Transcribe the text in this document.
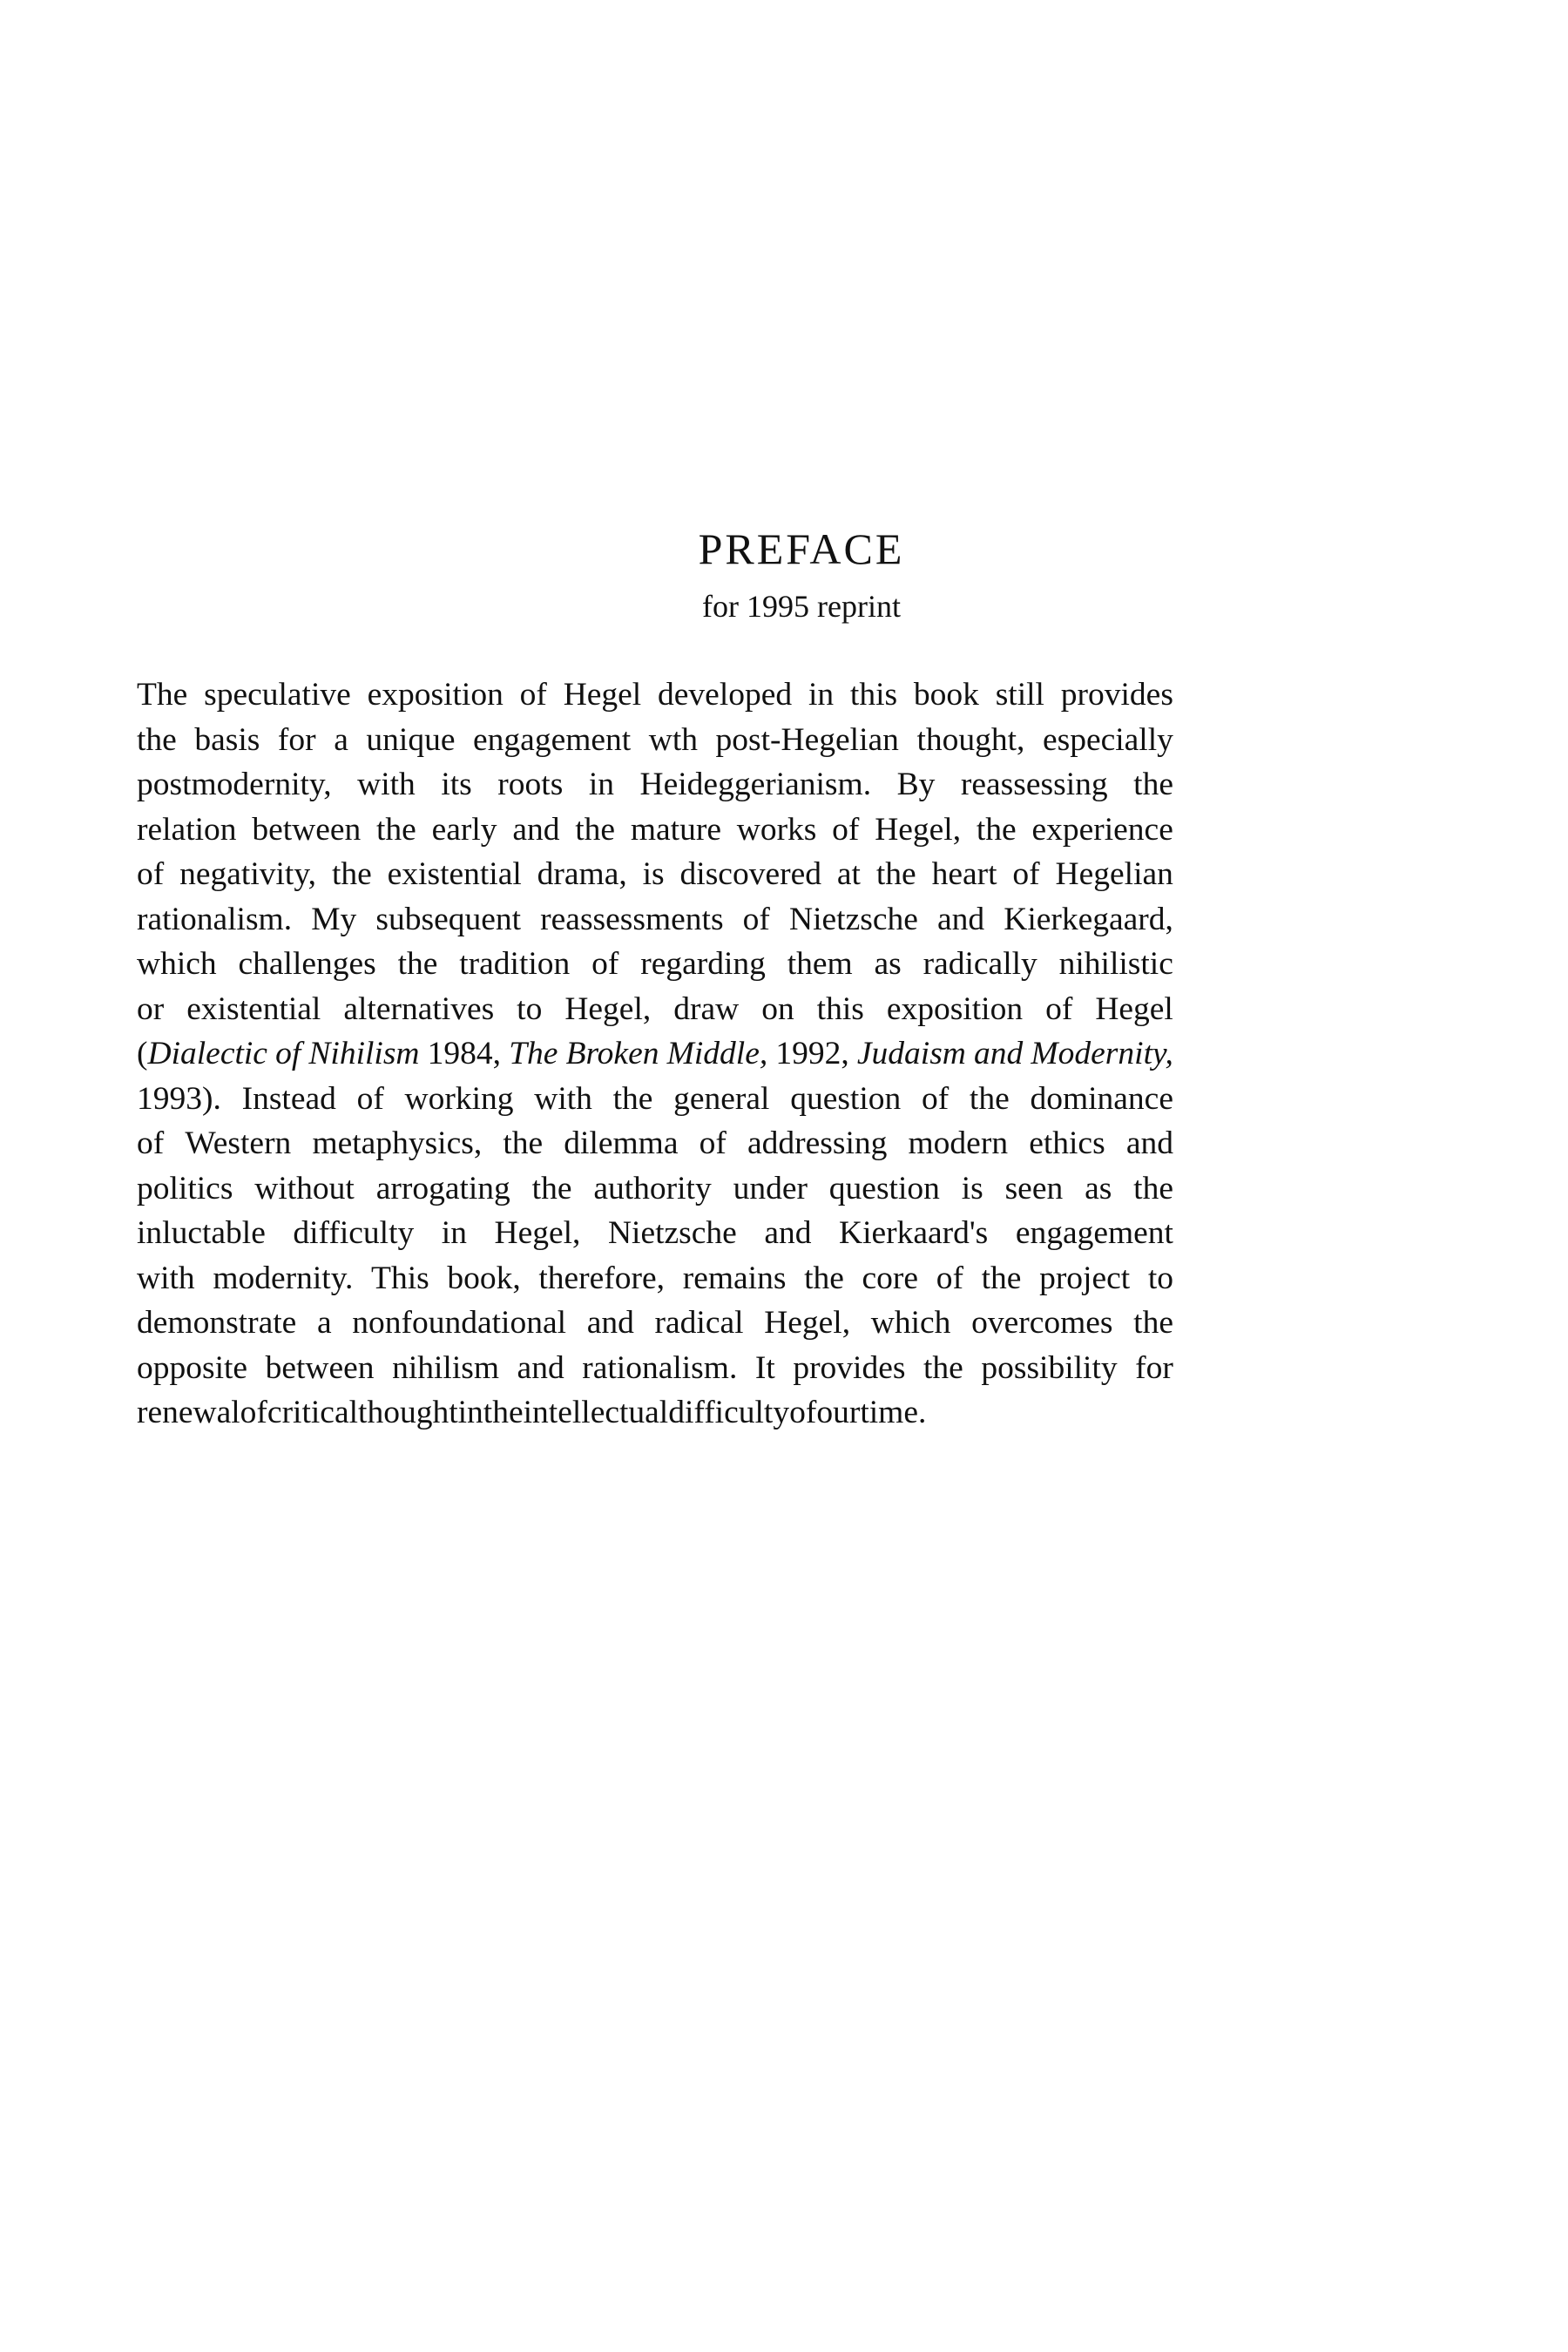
PREFACE
for 1995 reprint
The speculative exposition of Hegel developed in this book still provides
the basis for a unique engagement wth post-Hegelian thought, especially
postmodernity, with its roots in Heideggerianism. By reassessing the
relation between the early and the mature works of Hegel, the experience
of negativity, the existential drama, is discovered at the heart of Hegelian
rationalism. My subsequent reassessments of Nietzsche and Kierkegaard,
which challenges the tradition of regarding them as radically nihilistic
or existential alternatives to Hegel, draw on this exposition of Hegel
(Dialectic of Nihilism 1984, The Broken Middle, 1992, Judaism and Modernity,
1993). Instead of working with the general question of the dominance
of Western metaphysics, the dilemma of addressing modern ethics and
politics without arrogating the authority under question is seen as the
inluctable difficulty in Hegel, Nietzsche and Kierkaard's engagement
with modernity. This book, therefore, remains the core of the project to
demonstrate a nonfoundational and radical Hegel, which overcomes the
opposite between nihilism and rationalism. It provides the possibility for
renewal of critical thought in the intellectual difficulty of our time.
